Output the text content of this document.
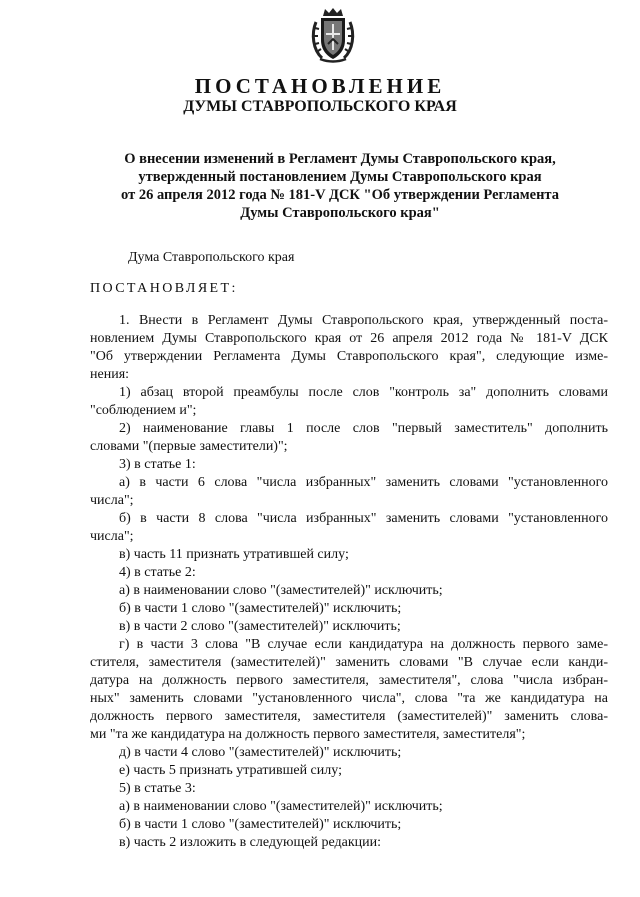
ПОСТАНОВЛЕНИЕ
ДУМЫ СТАВРОПОЛЬСКОГО КРАЯ
О внесении изменений в Регламент Думы Ставропольского края,
утвержденный постановлением Думы Ставропольского края
от 26 апреля 2012 года № 181-V ДСК "Об утверждении Регламента
Думы Ставропольского края"
Дума Ставропольского края
ПОСТАНОВЛЯЕТ:
1. Внести в Регламент Думы Ставропольского края, утвержденный поста-
новлением Думы Ставропольского края от 26 апреля 2012 года № 181-V ДСК
"Об утверждении Регламента Думы Ставропольского края", следующие изме-
нения:
1) абзац второй преамбулы после слов "контроль за" дополнить словами
"соблюдением и";
2) наименование главы 1 после слов "первый заместитель" дополнить
словами "(первые заместители)";
3) в статье 1:
а) в части 6 слова "числа избранных" заменить словами "установленного
числа";
б) в части 8 слова "числа избранных" заменить словами "установленного
числа";
в) часть 11 признать утратившей силу;
4) в статье 2:
а) в наименовании слово "(заместителей)" исключить;
б) в части 1 слово "(заместителей)" исключить;
в) в части 2 слово "(заместителей)" исключить;
г) в части 3 слова "В случае если кандидатура на должность первого заме-
стителя, заместителя (заместителей)" заменить словами "В случае если канди-
датура на должность первого заместителя, заместителя", слова "числа избран-
ных" заменить словами "установленного числа", слова "та же кандидатура на
должность первого заместителя, заместителя (заместителей)" заменить слова-
ми "та же кандидатура на должность первого заместителя, заместителя";
д) в части 4 слово "(заместителей)" исключить;
е) часть 5 признать утратившей силу;
5) в статье 3:
а) в наименовании слово "(заместителей)" исключить;
б) в части 1 слово "(заместителей)" исключить;
в) часть 2 изложить в следующей редакции:
